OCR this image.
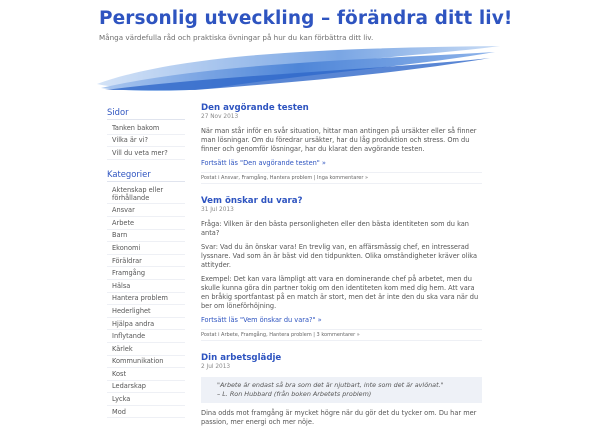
Personlig utveckling – förändra ditt liv!
Många värdefulla råd och praktiska övningar på hur du kan förbättra ditt liv.
Sidor
Tanken bakom
Vilka är vi?
Vill du veta mer?
Kategorier
Aktenskap eller förhållande
Ansvar
Arbete
Barn
Ekonomi
Föräldrar
Framgång
Hälsa
Hantera problem
Hederlighet
Hjälpa andra
Inflytande
Kärlek
Kommunikation
Kost
Ledarskap
Lycka
Mod
Den avgörande testen
27 Nov 2013

När man står inför en svår situation, hittar man antingen på ursäkter eller så finner man lösningar. Om du föredrar ursäkter, har du låg produktion och stress. Om du finner och genomför lösningar, har du klarat den avgörande testen.

Fortsätt läs "Den avgörande testen" »
Postat i Ansvar, Framgång, Hantera problem | Inga kommentarer »
Vem önskar du vara?
31 Jul 2013

Fråga: Vilken är den bästa personligheten eller den bästa identiteten som du kan anta?

Svar: Vad du än önskar vara! En trevlig van, en affärsmässig chef, en intresserad lyssnare. Vad som än är bäst vid den tidpunkten. Olika omständigheter kräver olika attityder.

Exempel: Det kan vara lämpligt att vara en dominerande chef på arbetet, men du skulle kunna göra din partner tokig om den identiteten kom med dig hem. Att vara en bråkig sportfantast på en match är stort, men det är inte den du ska vara när du ber om löneförhöjning.

Fortsätt läs "Vem önskar du vara?" »
Postat i Arbete, Framgång, Hantera problem | 3 kommentarer »
Din arbetsglädje
2 Jul 2013

"Arbete är endast så bra som det är njutbart, inte som det är avlönat."

– L. Ron Hubbard (från boken Arbetets problem)

Dina odds mot framgång är mycket högre när du gör det du tycker om. Du har mer passion, mer energi och mer nöje.
